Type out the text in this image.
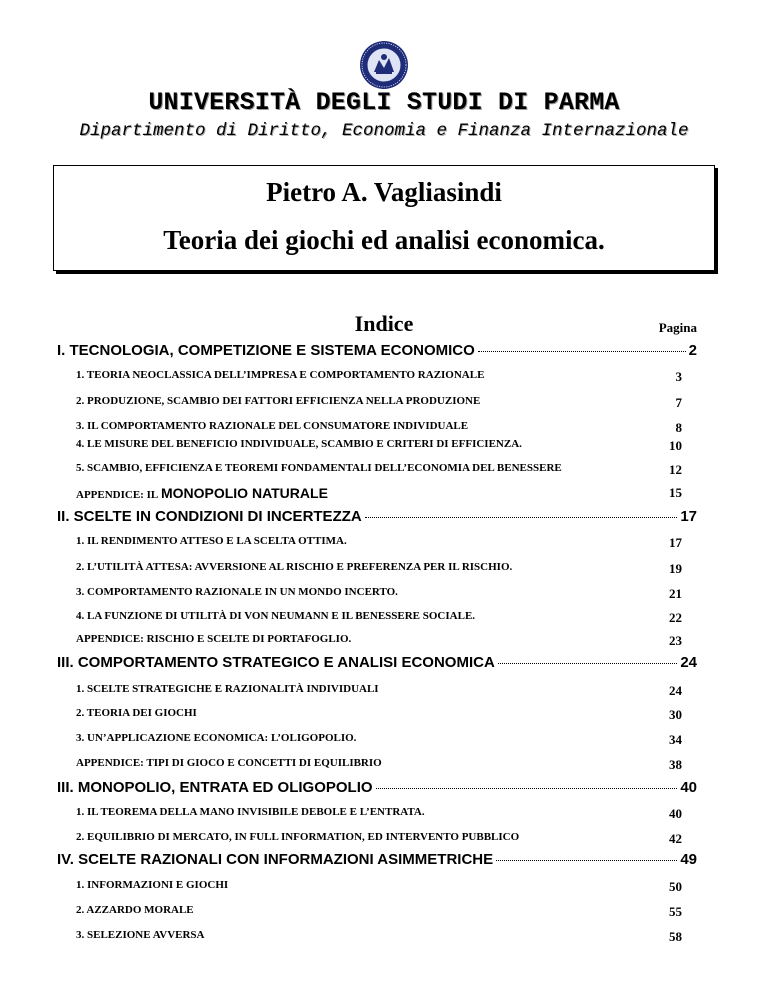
UNIVERSITÀ DEGLI STUDI DI PARMA
Dipartimento di Diritto, Economia e Finanza Internazionale
Pietro A. Vagliasindi
Teoria dei giochi ed analisi economica.
Indice	Pagina
I. TECNOLOGIA, COMPETIZIONE E SISTEMA ECONOMICO	2
1. TEORIA NEOCLASSICA DELL’IMPRESA E COMPORTAMENTO RAZIONALE	3
2. PRODUZIONE, SCAMBIO DEI FATTORI EFFICIENZA NELLA PRODUZIONE	7
3. IL COMPORTAMENTO RAZIONALE DEL CONSUMATORE INDIVIDUALE	8
4. LE MISURE DEL BENEFICIO INDIVIDUALE, SCAMBIO E CRITERI DI EFFICIENZA.	10
5. SCAMBIO, EFFICIENZA E TEOREMI FONDAMENTALI DELL’ECONOMIA DEL BENESSERE	12
APPENDICE: IL MONOPOLIO NATURALE	15
II. SCELTE IN CONDIZIONI DI INCERTEZZA	17
1. IL RENDIMENTO ATTESO E LA SCELTA OTTIMA.	17
2. L’UTILITÀ ATTESA: AVVERSIONE AL RISCHIO E PREFERENZA PER IL RISCHIO.	19
3. COMPORTAMENTO RAZIONALE IN UN MONDO INCERTO.	21
4. LA FUNZIONE DI UTILITÀ DI VON NEUMANN E IL BENESSERE SOCIALE.	22
APPENDICE: RISCHIO E SCELTE DI PORTAFOGLIO.	23
III. COMPORTAMENTO STRATEGICO E ANALISI ECONOMICA	24
1. SCELTE STRATEGICHE E RAZIONALITÀ INDIVIDUALI	24
2. TEORIA DEI GIOCHI	30
3. UN’APPLICAZIONE ECONOMICA: L’OLIGOPOLIO.	34
APPENDICE: TIPI DI GIOCO E CONCETTI DI EQUILIBRIO	38
III. MONOPOLIO, ENTRATA ED OLIGOPOLIO	40
1. IL TEOREMA DELLA MANO INVISIBILE DEBOLE E L’ENTRATA.	40
2. EQUILIBRIO DI MERCATO, IN FULL INFORMATION, ED INTERVENTO PUBBLICO	42
IV. SCELTE RAZIONALI CON INFORMAZIONI ASIMMETRICHE	49
1. INFORMAZIONI E GIOCHI	50
2. AZZARDO MORALE	55
3. SELEZIONE AVVERSA	58
